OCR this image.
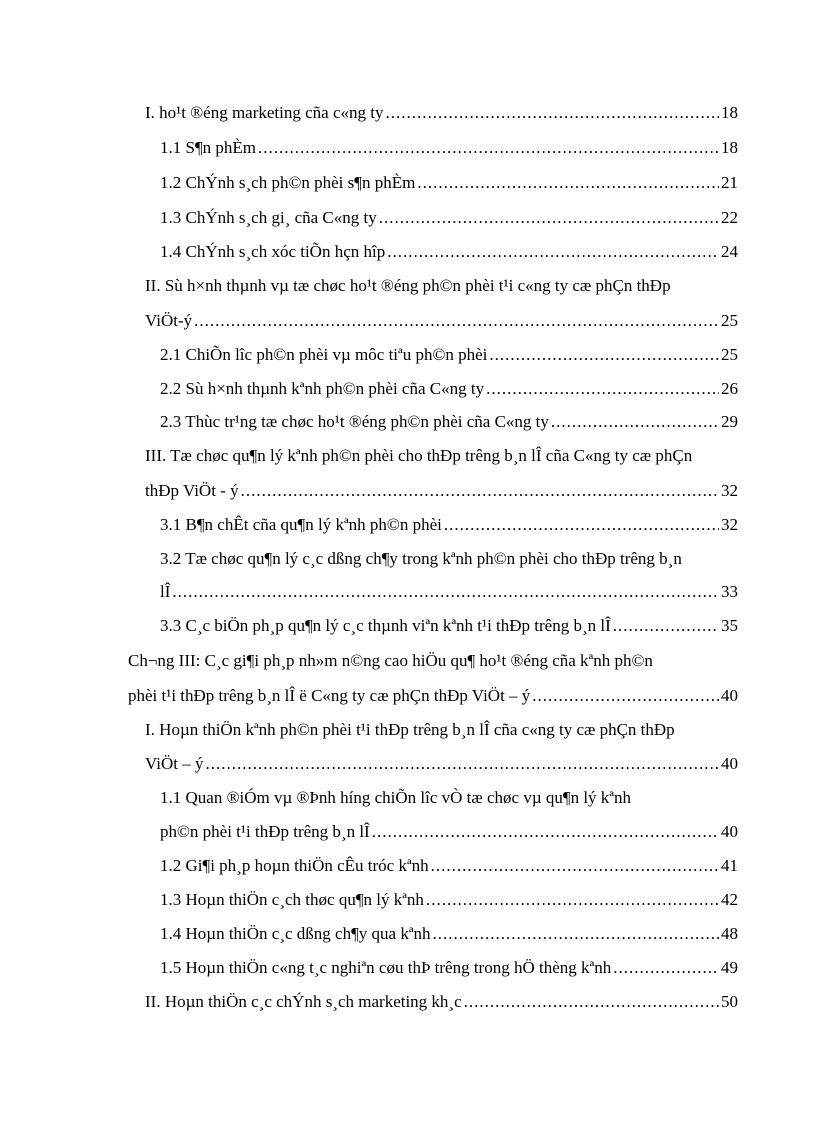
I. ho¹t ®éng marketing cña c«ng ty .....	18
1.1 S¶n phÈm .....	18
1.2 ChÝnh s¸ch ph©n phèi s¶n phÈm .....	21
1.3 ChÝnh s¸ch gi¸ cña C«ng ty .....	22
1.4 ChÝnh s¸ch xóc tiÕn hçn hîp .....	24
II. Sù h×nh thµnh vµ tæ chøc ho¹t ®éng ph©n phèi t¹i c«ng ty cæ phÇn thÐp
ViÖt-ý .....	25
2.1 ChiÕn lîc ph©n phèi vµ môc tiªu ph©n phèi .....	25
2.2 Sù h×nh thµnh kªnh ph©n phèi cña C«ng ty .....	26
2.3 Thùc tr¹ng tæ chøc ho¹t ®éng ph©n phèi cña C«ng ty .....	29
III. Tæ chøc qu¶n lý kªnh ph©n phèi cho thÐp trêng b¸n lÎ cña C«ng ty cæ phÇn
thÐp ViÖt - ý .....	32
3.1 B¶n chÊt cña qu¶n lý kªnh ph©n phèi .....	32
3.2 Tæ chøc qu¶n lý c¸c dßng ch¶y trong kªnh ph©n phèi cho thÐp trêng b¸n
lÎ .....	33
3.3 C¸c biÖn ph¸p qu¶n lý c¸c thµnh viªn kªnh t¹i thÐp trêng b¸n lÎ .....	35
Ch¬ng III: C¸c gi¶i ph¸p nh»m n©ng cao hiÖu qu¶ ho¹t ®éng cña kªnh ph©n
phèi t¹i thÐp trêng b¸n lÎ ë C«ng ty cæ phÇn thÐp ViÖt – ý .....	40
I. Hoµn thiÖn kªnh ph©n phèi t¹i thÐp trêng b¸n lÎ cña c«ng ty cæ phÇn thÐp
ViÖt – ý .....	40
1.1 Quan ®iÓm vµ ®Þnh híng chiÕn lîc vÒ tæ chøc vµ qu¶n lý kªnh
ph©n phèi t¹i thÐp trêng b¸n lÎ .....	40
1.2 Gi¶i ph¸p hoµn thiÖn cÊu tróc kªnh .....	41
1.3 Hoµn thiÖn c¸ch thøc qu¶n lý kªnh .....	42
1.4 Hoµn thiÖn c¸c dßng ch¶y qua kªnh .....	48
1.5 Hoµn thiÖn c«ng t¸c nghiªn cøu thÞ trêng trong hÖ thèng kªnh .....	49
II. Hoµn thiÖn c¸c chÝnh s¸ch marketing kh¸c .....	50
